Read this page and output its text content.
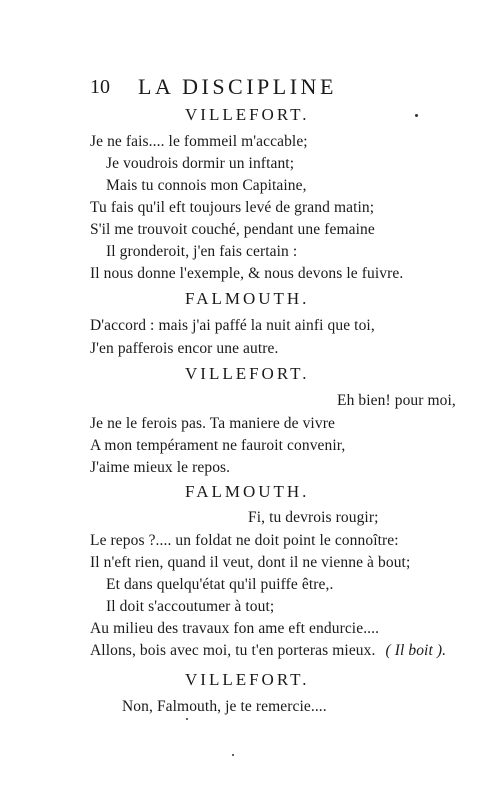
10 LA DISCIPLINE
VILLEFORT.
Je ne fais.... le fommeil m'accable;
Je voudrois dormir un inftant;
Mais tu connois mon Capitaine,
Tu fais qu'il eft toujours levé de grand matin;
S'il me trouvoit couché, pendant une femaine
Il gronderoit, j'en fais certain :
Il nous donne l'exemple, & nous devons le fuivre.
FALMOUTH.
D'accord : mais j'ai paffé la nuit ainfi que toi,
J'en pafferois encor une autre.
VILLEFORT.
Eh bien! pour moi,
Je ne le ferois pas. Ta maniere de vivre
A mon tempérament ne fauroit convenir,
J'aime mieux le repos.
FALMOUTH.
Fi, tu devrois rougir;
Le repos ?.... un foldat ne doit point le connoître:
Il n'eft rien, quand il veut, dont il ne vienne à bout;
Et dans quelqu'état qu'il puiffe être,.
Il doit s'accoutumer à tout;
Au milieu des travaux fon ame eft endurcie....
Allons, bois avec moi, tu t'en porteras mieux. ( Il boit ).
VILLEFORT.
Non, Falmouth, je te remercie....
